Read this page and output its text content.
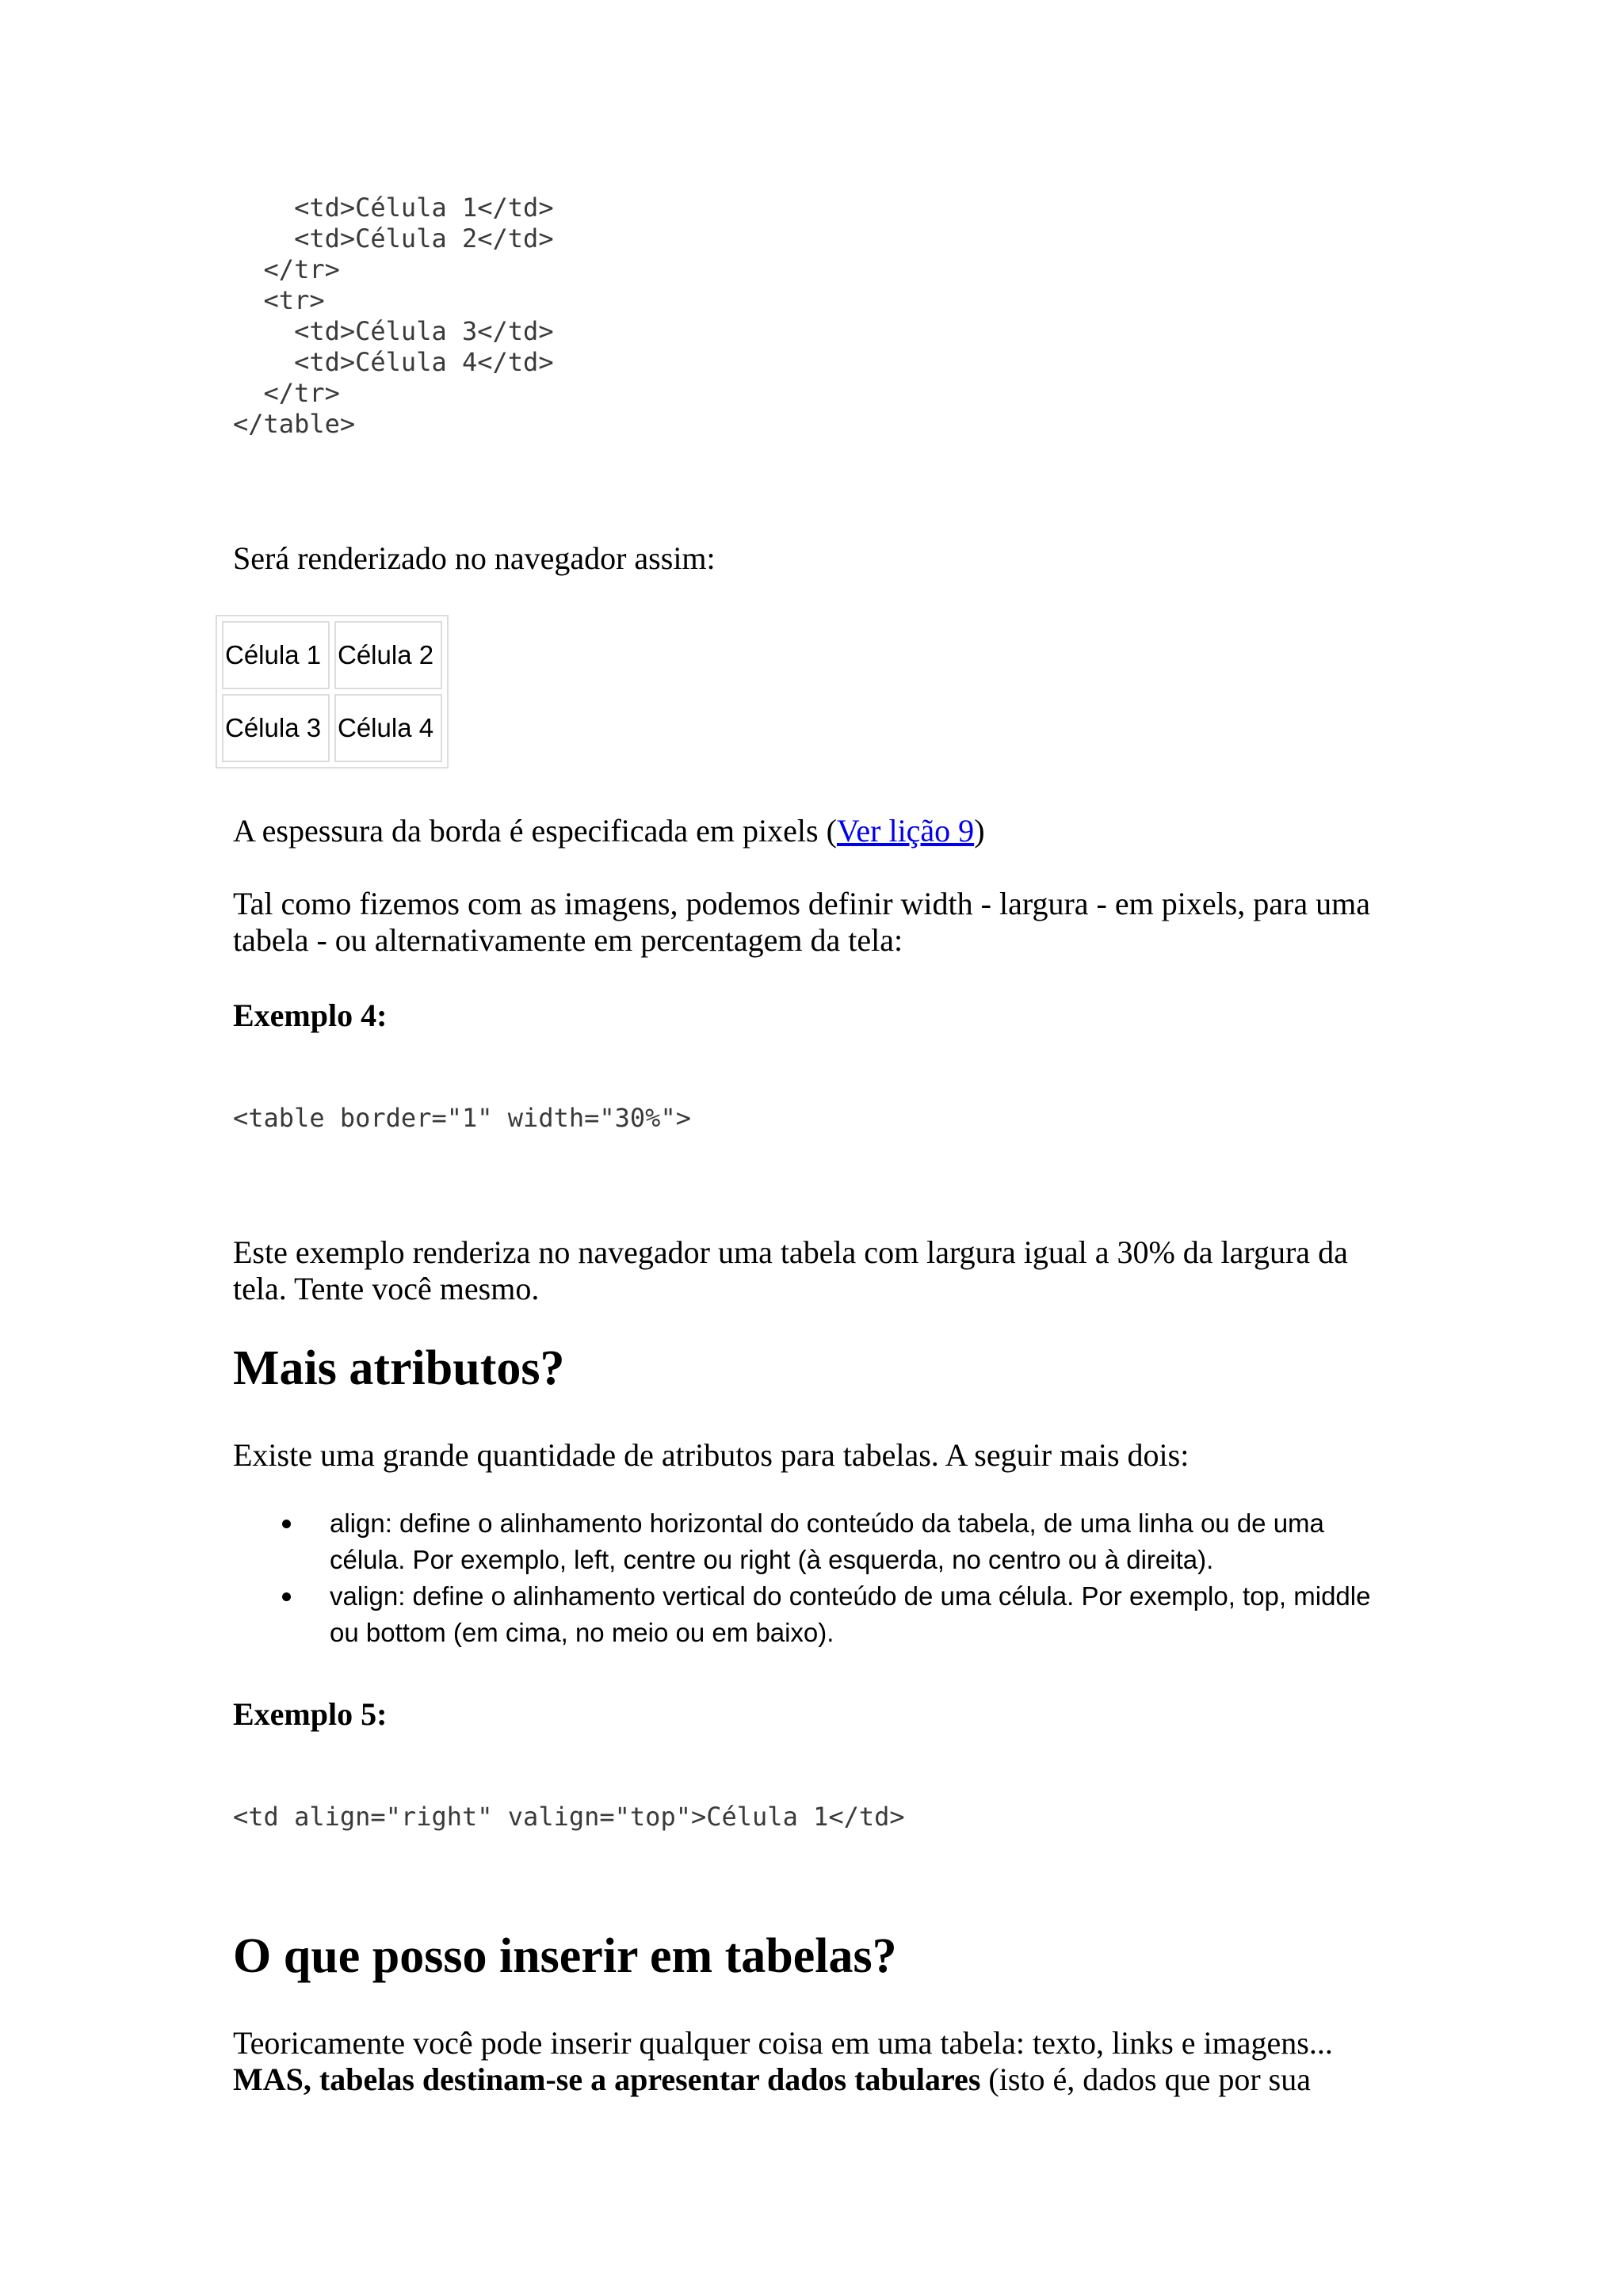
<td>Célula 1</td>
<td>Célula 2</td>
</tr>
<tr>
<td>Célula 3</td>
<td>Célula 4</td>
</tr>
</table>

Será renderizado no navegador assim:

Célula 1	Célula 2
Célula 3	Célula 4

A espessura da borda é especificada em pixels (Ver lição 9)

Tal como fizemos com as imagens, podemos definir width - largura - em pixels, para uma tabela - ou alternativamente em percentagem da tela:

Exemplo 4:

<table border="1" width="30%">

Este exemplo renderiza no navegador uma tabela com largura igual a 30% da largura da tela. Tente você mesmo.

Mais atributos?

Existe uma grande quantidade de atributos para tabelas. A seguir mais dois:

align: define o alinhamento horizontal do conteúdo da tabela, de uma linha ou de uma célula. Por exemplo, left, centre ou right (à esquerda, no centro ou à direita).
valign: define o alinhamento vertical do conteúdo de uma célula. Por exemplo, top, middle ou bottom (em cima, no meio ou em baixo).

Exemplo 5:

<td align="right" valign="top">Célula 1</td>
O que posso inserir em tabelas?

Teoricamente você pode inserir qualquer coisa em uma tabela: texto, links e imagens...
MAS, tabelas destinam-se a apresentar dados tabulares (isto é, dados que por sua
